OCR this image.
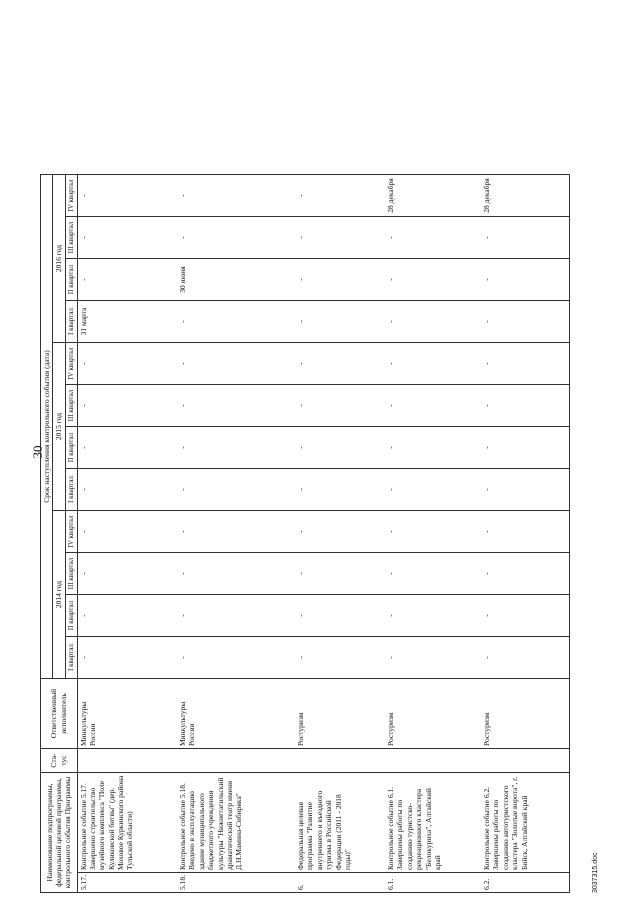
30
Наименование подпрограммы, федеральной целевой программы, контрольного события Программы		Ста-тус	Ответственный исполнитель	Срок наступления контрольного события (дата)											
				2014 год				2015 год				2016 год			
				I квартал	II квартал	III квартал	IV квартал	I квартал	II квартал	III квартал	IV квартал	I квартал	II квартал	III квартал	IV квартал
5.17.	Контрольное событие 5.17. Завершено строительство музейного комплекса "Поле Куликовской битвы" (дер. Моховое Куркинского района Тульской области)		Минкультуры России	-	-	-	-	-	-	-	-	31 марта	-	-	-
5.18.	Контрольное событие 5.18. Введено в эксплуатацию здание муниципального бюджетного учреждения культуры "Нижнетагильский драматический театр имени Д.Н.Мамина-Сибиряка"		Минкультуры России	-	-	-	-	-	-	-	-	-	30 июня	-	-
6.	Федеральная целевая программа "Развитие внутреннего и въездного туризма в Российской Федерации (2011 - 2018 годы)"		Ростуризм	-	-	-	-	-	-	-	-	-	-	-	-
6.1.	Контрольное событие 6.1. Завершены работы по созданию туристско-рекреационного кластера "Белокуриха", Алтайский край		Ростуризм	-	-	-	-	-	-	-	-	-	-	-	28 декабря
6.2.	Контрольное событие 6.2. Завершены работы по созданию автотуристского кластера "Золотые ворота", г. Бийск, Алтайский край		Ростуризм	-	-	-	-	-	-	-	-	-	-	-	28 декабря
3037315.doc
